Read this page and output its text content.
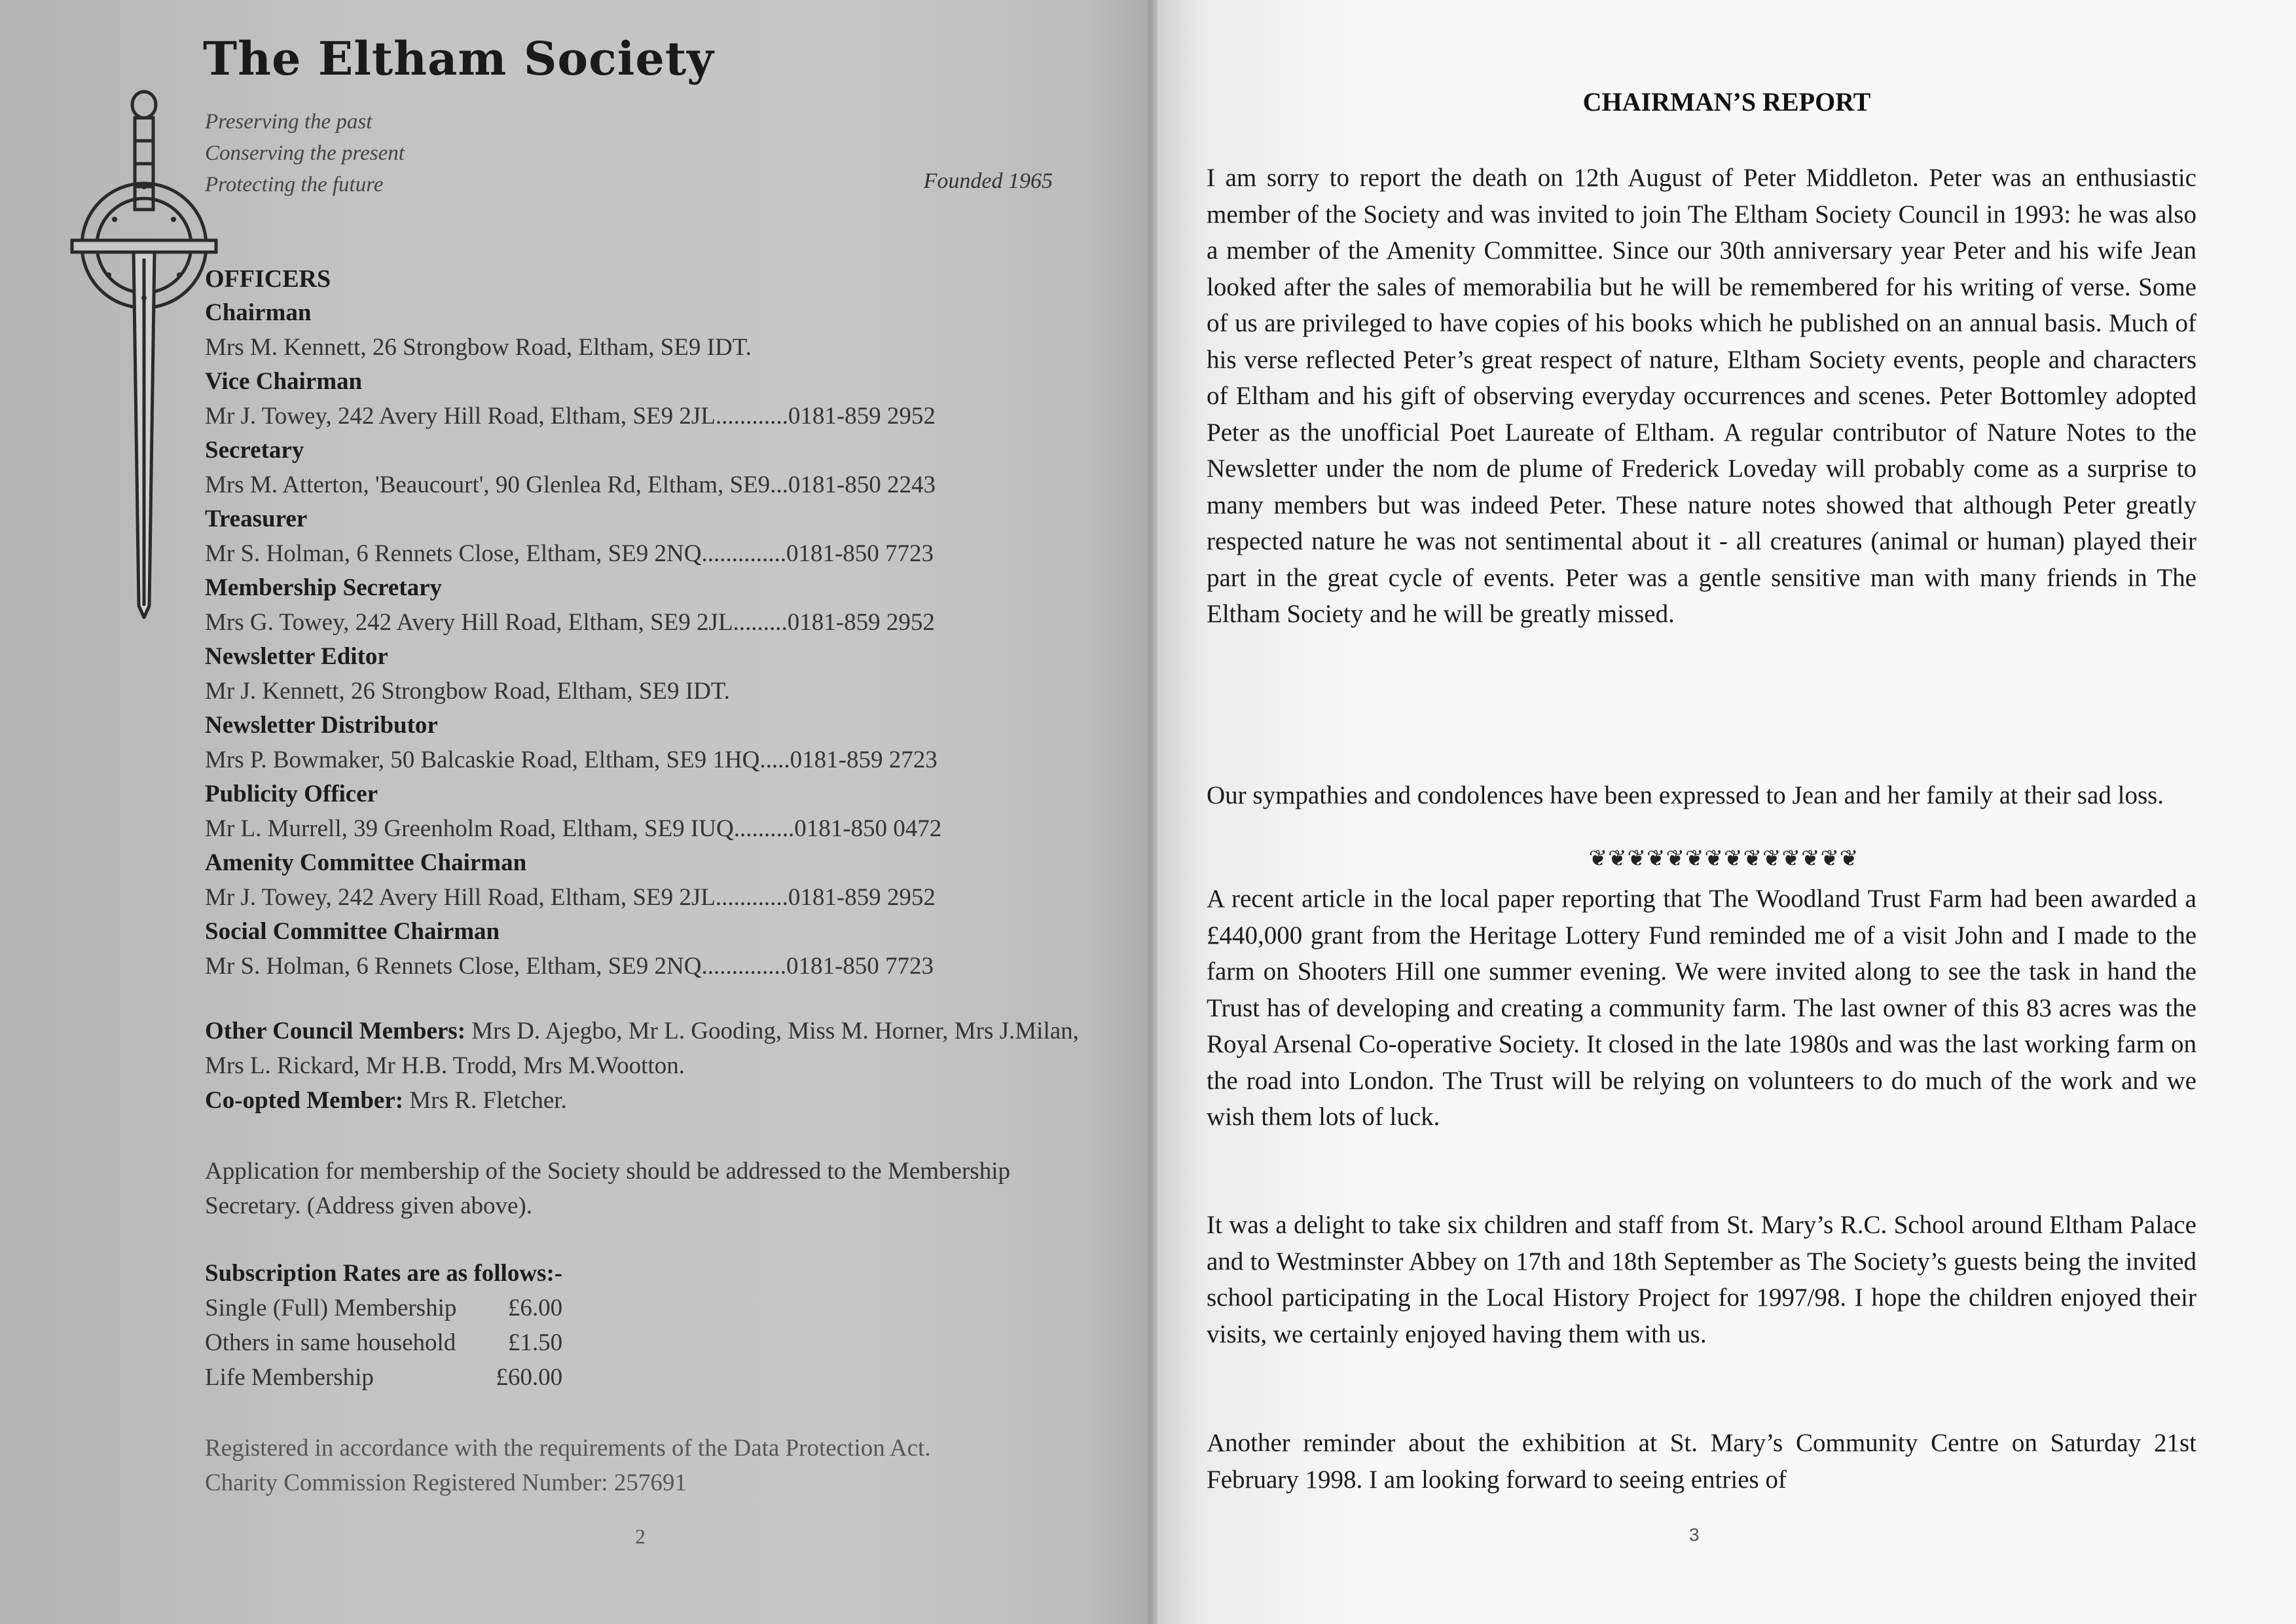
The Eltham Society
Preserving the past
Conserving the present
Protecting the future	Founded 1965
OFFICERS
Chairman
Mrs M. Kennett, 26 Strongbow Road, Eltham, SE9 IDT.
Vice Chairman
Mr J. Towey, 242 Avery Hill Road, Eltham, SE9 2JL............0181-859 2952
Secretary
Mrs M. Atterton, 'Beaucourt', 90 Glenlea Rd, Eltham, SE9...0181-850 2243
Treasurer
Mr S. Holman, 6 Rennets Close, Eltham, SE9 2NQ..............0181-850 7723
Membership Secretary
Mrs G. Towey, 242 Avery Hill Road, Eltham, SE9 2JL.........0181-859 2952
Newsletter Editor
Mr J. Kennett, 26 Strongbow Road, Eltham, SE9 IDT.
Newsletter Distributor
Mrs P. Bowmaker, 50 Balcaskie Road, Eltham, SE9 1HQ.....0181-859 2723
Publicity Officer
Mr L. Murrell, 39 Greenholm Road, Eltham, SE9 IUQ..........0181-850 0472
Amenity Committee Chairman
Mr J. Towey, 242 Avery Hill Road, Eltham, SE9 2JL............0181-859 2952
Social Committee Chairman
Mr S. Holman, 6 Rennets Close, Eltham, SE9 2NQ..............0181-850 7723
Other Council Members: Mrs D. Ajegbo, Mr L. Gooding, Miss M. Horner, Mrs J.Milan, Mrs L. Rickard, Mr H.B. Trodd, Mrs M.Wootton.
Co-opted Member: Mrs R. Fletcher.
Application for membership of the Society should be addressed to the Membership Secretary. (Address given above).
Subscription Rates are as follows:-
Single (Full) Membership	£6.00
Others in same household	£1.50
Life Membership	£60.00
Registered in accordance with the requirements of the Data Protection Act.
Charity Commission Registered Number: 257691
2
CHAIRMAN’S REPORT
3

I am sorry to report the death on 12th August of Peter Middleton. Peter was an enthusiastic member of the Society and was invited to join The Eltham Society Council in 1993: he was also a member of the Amenity Committee. Since our 30th anniversary year Peter and his wife Jean looked after the sales of memorabilia but he will be remembered for his writing of verse. Some of us are privileged to have copies of his books which he published on an annual basis. Much of his verse reflected Peter’s great respect of nature, Eltham Society events, people and characters of Eltham and his gift of observing everyday occurrences and scenes. Peter Bottomley adopted Peter as the unofficial Poet Laureate of Eltham. A regular contributor of Nature Notes to the Newsletter under the nom de plume of Frederick Loveday will probably come as a surprise to many members but was indeed Peter. These nature notes showed that although Peter greatly respected nature he was not sentimental about it - all creatures (animal or human) played their part in the great cycle of events. Peter was a gentle sensitive man with many friends in The Eltham Society and he will be greatly missed.

Our sympathies and condolences have been expressed to Jean and her family at their sad loss.

❦❦❦❦❦❦❦❦❦❦❦❦❦❦

A recent article in the local paper reporting that The Woodland Trust Farm had been awarded a £440,000 grant from the Heritage Lottery Fund reminded me of a visit John and I made to the farm on Shooters Hill one summer evening. We were invited along to see the task in hand the Trust has of developing and creating a community farm. The last owner of this 83 acres was the Royal Arsenal Co-operative Society. It closed in the late 1980s and was the last working farm on the road into London. The Trust will be relying on volunteers to do much of the work and we wish them lots of luck.

It was a delight to take six children and staff from St. Mary’s R.C. School around Eltham Palace and to Westminster Abbey on 17th and 18th September as The Society’s guests being the invited school participating in the Local History Project for 1997/98. I hope the children enjoyed their visits, we certainly enjoyed having them with us.

Another reminder about the exhibition at St. Mary’s Community Centre on Saturday 21st February 1998. I am looking forward to seeing entries of
